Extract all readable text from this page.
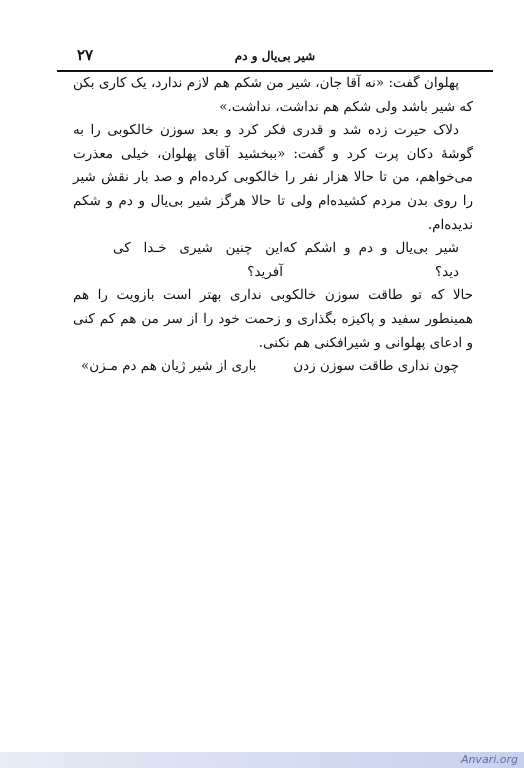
شیر بی‌یال و دم
۲۷

پهلوان گفت: «نه آقا جان، شیر من شکم هم لازم ندارد، یک کاری بکن که شیر باشد ولی شکم هم نداشت، نداشت.»

دلاک حیرت زده شد و قدری فکر کرد و بعد سوزن خالکوبی را به گوشهٔ دکان پرت کرد و گفت: «ببخشید آقای پهلوان، خیلی معذرت می‌خواهم، من تا حالا هزار نفر را خالکوبی کرده‌ام و صد بار نقش شیر را روی بدن مردم کشیده‌ام ولی تا حالا هرگز شیر بی‌یال و دم و شکم ندیده‌ام.

شیر بی‌یال و دم و اشکم که دید؟
این چنین شیری خـدا کی آفرید؟

حالا که تو طاقت سوزن خالکوبی نداری بهتر است بازویت را هم همینطور سفید و پاکیزه بگذاری و زحمت خود را از سر من هم کم کنی و ادعای پهلوانی و شیرافکنی هم نکنی.

چون نداری طاقت سوزن زدن
باری از شیر ژیان هم دم مـزن»
Anvari.org
